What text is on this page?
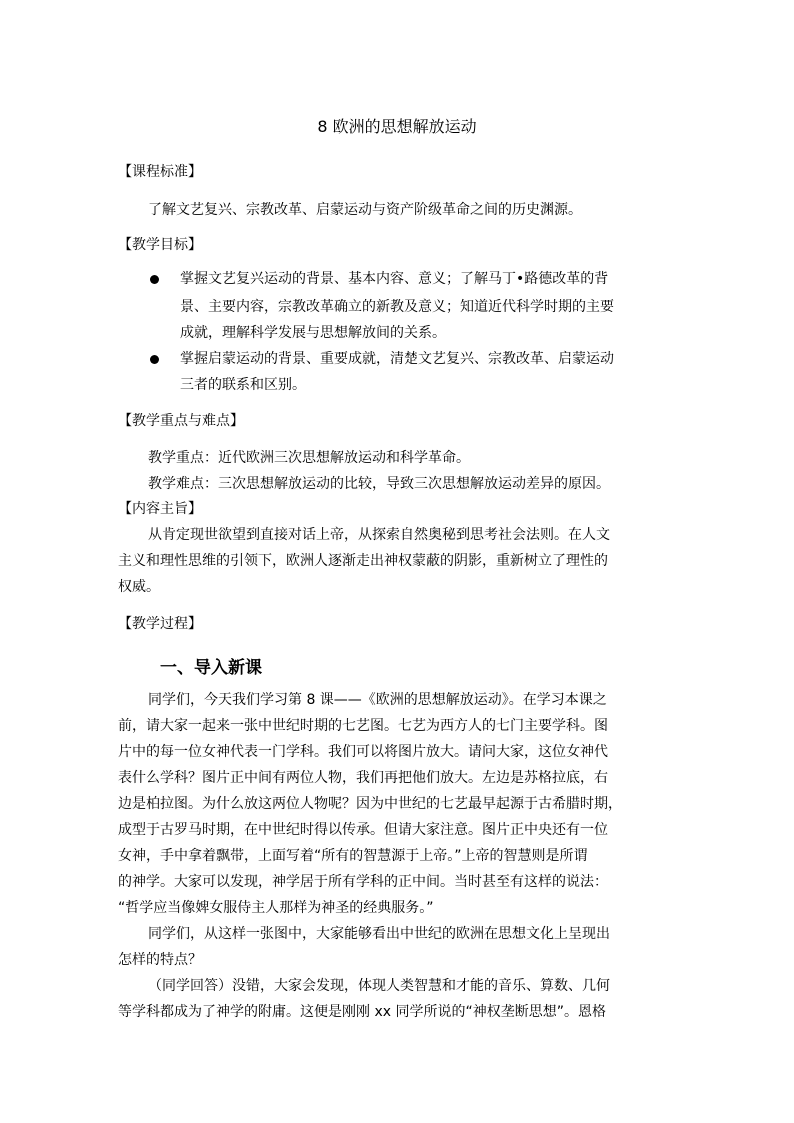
8 欧洲的思想解放运动
【课程标准】
了解文艺复兴、宗教改革、启蒙运动与资产阶级革命之间的历史渊源。
【教学目标】
掌握文艺复兴运动的背景、基本内容、意义；了解马丁•路德改革的背
景、主要内容，宗教改革确立的新教及意义；知道近代科学时期的主要
成就，理解科学发展与思想解放间的关系。
掌握启蒙运动的背景、重要成就，清楚文艺复兴、宗教改革、启蒙运动
三者的联系和区别。
【教学重点与难点】
教学重点：近代欧洲三次思想解放运动和科学革命。
教学难点：三次思想解放运动的比较，导致三次思想解放运动差异的原因。
【内容主旨】
从肯定现世欲望到直接对话上帝，从探索自然奥秘到思考社会法则。在人文
主义和理性思维的引领下，欧洲人逐渐走出神权蒙蔽的阴影，重新树立了理性的
权威。
【教学过程】
一、导入新课
同学们，今天我们学习第 8 课——《欧洲的思想解放运动》。在学习本课之
前，请大家一起来一张中世纪时期的七艺图。七艺为西方人的七门主要学科。图
片中的每一位女神代表一门学科。我们可以将图片放大。请问大家，这位女神代
表什么学科？图片正中间有两位人物，我们再把他们放大。左边是苏格拉底，右
边是柏拉图。为什么放这两位人物呢？因为中世纪的七艺最早起源于古希腊时期，
成型于古罗马时期，在中世纪时得以传承。但请大家注意。图片正中央还有一位
女神，手中拿着飘带，上面写着“所有的智慧源于上帝。”上帝的智慧则是所谓
的神学。大家可以发现，神学居于所有学科的正中间。当时甚至有这样的说法：
“哲学应当像婢女服侍主人那样为神圣的经典服务。”
同学们，从这样一张图中，大家能够看出中世纪的欧洲在思想文化上呈现出
怎样的特点？
（同学回答）没错，大家会发现，体现人类智慧和才能的音乐、算数、几何
等学科都成为了神学的附庸。这便是刚刚 xx 同学所说的“神权垄断思想”。恩格
